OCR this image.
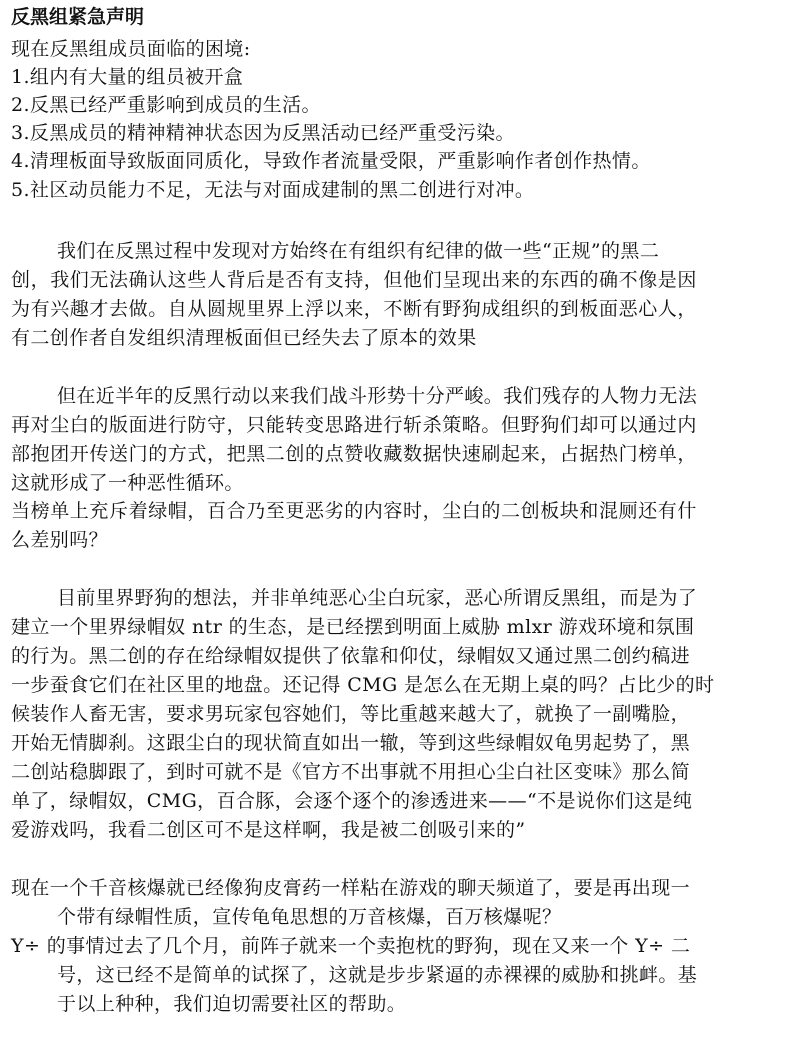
反黑组紧急声明
现在反黑组成员面临的困境:
1.组内有大量的组员被开盒
2.反黑已经严重影响到成员的生活。
3.反黑成员的精神精神状态因为反黑活动已经严重受污染。
4.清理板面导致版面同质化，导致作者流量受限，严重影响作者创作热情。
5.社区动员能力不足，无法与对面成建制的黑二创进行对冲。
我们在反黑过程中发现对方始终在有组织有纪律的做一些“正规”的黑二
创，我们无法确认这些人背后是否有支持，但他们呈现出来的东西的确不像是因
为有兴趣才去做。自从圆规里界上浮以来，不断有野狗成组织的到板面恶心人，
有二创作者自发组织清理板面但已经失去了原本的效果
但在近半年的反黑行动以来我们战斗形势十分严峻。我们残存的人物力无法
再对尘白的版面进行防守，只能转变思路进行斩杀策略。但野狗们却可以通过内
部抱团开传送门的方式，把黑二创的点赞收藏数据快速刷起来，占据热门榜单，
这就形成了一种恶性循环。
当榜单上充斥着绿帽，百合乃至更恶劣的内容时，尘白的二创板块和混厕还有什
么差别吗？
目前里界野狗的想法，并非单纯恶心尘白玩家，恶心所谓反黑组，而是为了
建立一个里界绿帽奴 ntr 的生态，是已经摆到明面上威胁 mlxr 游戏环境和氛围
的行为。黑二创的存在给绿帽奴提供了依靠和仰仗，绿帽奴又通过黑二创约稿进
一步蚕食它们在社区里的地盘。还记得 CMG 是怎么在无期上桌的吗？占比少的时
候装作人畜无害，要求男玩家包容她们，等比重越来越大了，就换了一副嘴脸，
开始无情脚刹。这跟尘白的现状简直如出一辙，等到这些绿帽奴龟男起势了，黑
二创站稳脚跟了，到时可就不是《官方不出事就不用担心尘白社区变味》那么简
单了，绿帽奴，CMG，百合豚，会逐个逐个的渗透进来——“不是说你们这是纯
爱游戏吗，我看二创区可不是这样啊，我是被二创吸引来的”
现在一个千音核爆就已经像狗皮膏药一样粘在游戏的聊天频道了，要是再出现一
个带有绿帽性质，宣传龟龟思想的万音核爆，百万核爆呢？
Y÷ 的事情过去了几个月，前阵子就来一个卖抱枕的野狗，现在又来一个 Y÷ 二
号，这已经不是简单的试探了，这就是步步紧逼的赤裸裸的威胁和挑衅。基
于以上种种，我们迫切需要社区的帮助。
